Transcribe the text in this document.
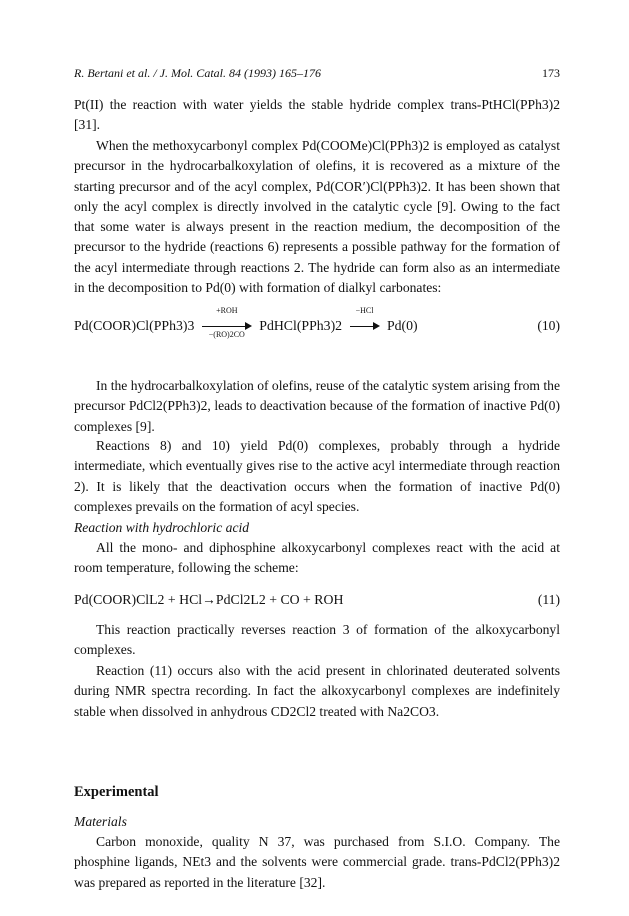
R. Bertani et al. / J. Mol. Catal. 84 (1993) 165–176	173

Pt(II) the reaction with water yields the stable hydride complex trans-PtHCl(PPh3)2 [31].

When the methoxycarbonyl complex Pd(COOMe)Cl(PPh3)2 is employed as catalyst precursor in the hydrocarbalkoxylation of olefins, it is recovered as a mixture of the starting precursor and of the acyl complex, Pd(COR′)Cl(PPh3)2. It has been shown that only the acyl complex is directly involved in the catalytic cycle [9]. Owing to the fact that some water is always present in the reaction medium, the decomposition of the precursor to the hydride (reactions 6) represents a possible pathway for the formation of the acyl intermediate through reactions 2. The hydride can form also as an intermediate in the decomposition to Pd(0) with formation of dialkyl carbonates:

Pd(COOR)Cl(PPh3)3
+ROH
−(RO)2CO
PdHCl(PPh3)2
−HCl
Pd(0)	(10)

In the hydrocarbalkoxylation of olefins, reuse of the catalytic system arising from the precursor PdCl2(PPh3)2, leads to deactivation because of the formation of inactive Pd(0) complexes [9].

Reactions 8) and 10) yield Pd(0) complexes, probably through a hydride intermediate, which eventually gives rise to the active acyl intermediate through reaction 2). It is likely that the deactivation occurs when the formation of inactive Pd(0) complexes prevails on the formation of acyl species.

Reaction with hydrochloric acid

All the mono- and diphosphine alkoxycarbonyl complexes react with the acid at room temperature, following the scheme:

Pd(COOR)ClL2 + HCl→PdCl2L2 + CO + ROH	(11)

This reaction practically reverses reaction 3 of formation of the alkoxycarbonyl complexes.

Reaction (11) occurs also with the acid present in chlorinated deuterated solvents during NMR spectra recording. In fact the alkoxycarbonyl complexes are indefinitely stable when dissolved in anhydrous CD2Cl2 treated with Na2CO3.

Experimental

Materials

Carbon monoxide, quality N 37, was purchased from S.I.O. Company. The phosphine ligands, NEt3 and the solvents were commercial grade. trans-PdCl2(PPh3)2 was prepared as reported in the literature [32].
